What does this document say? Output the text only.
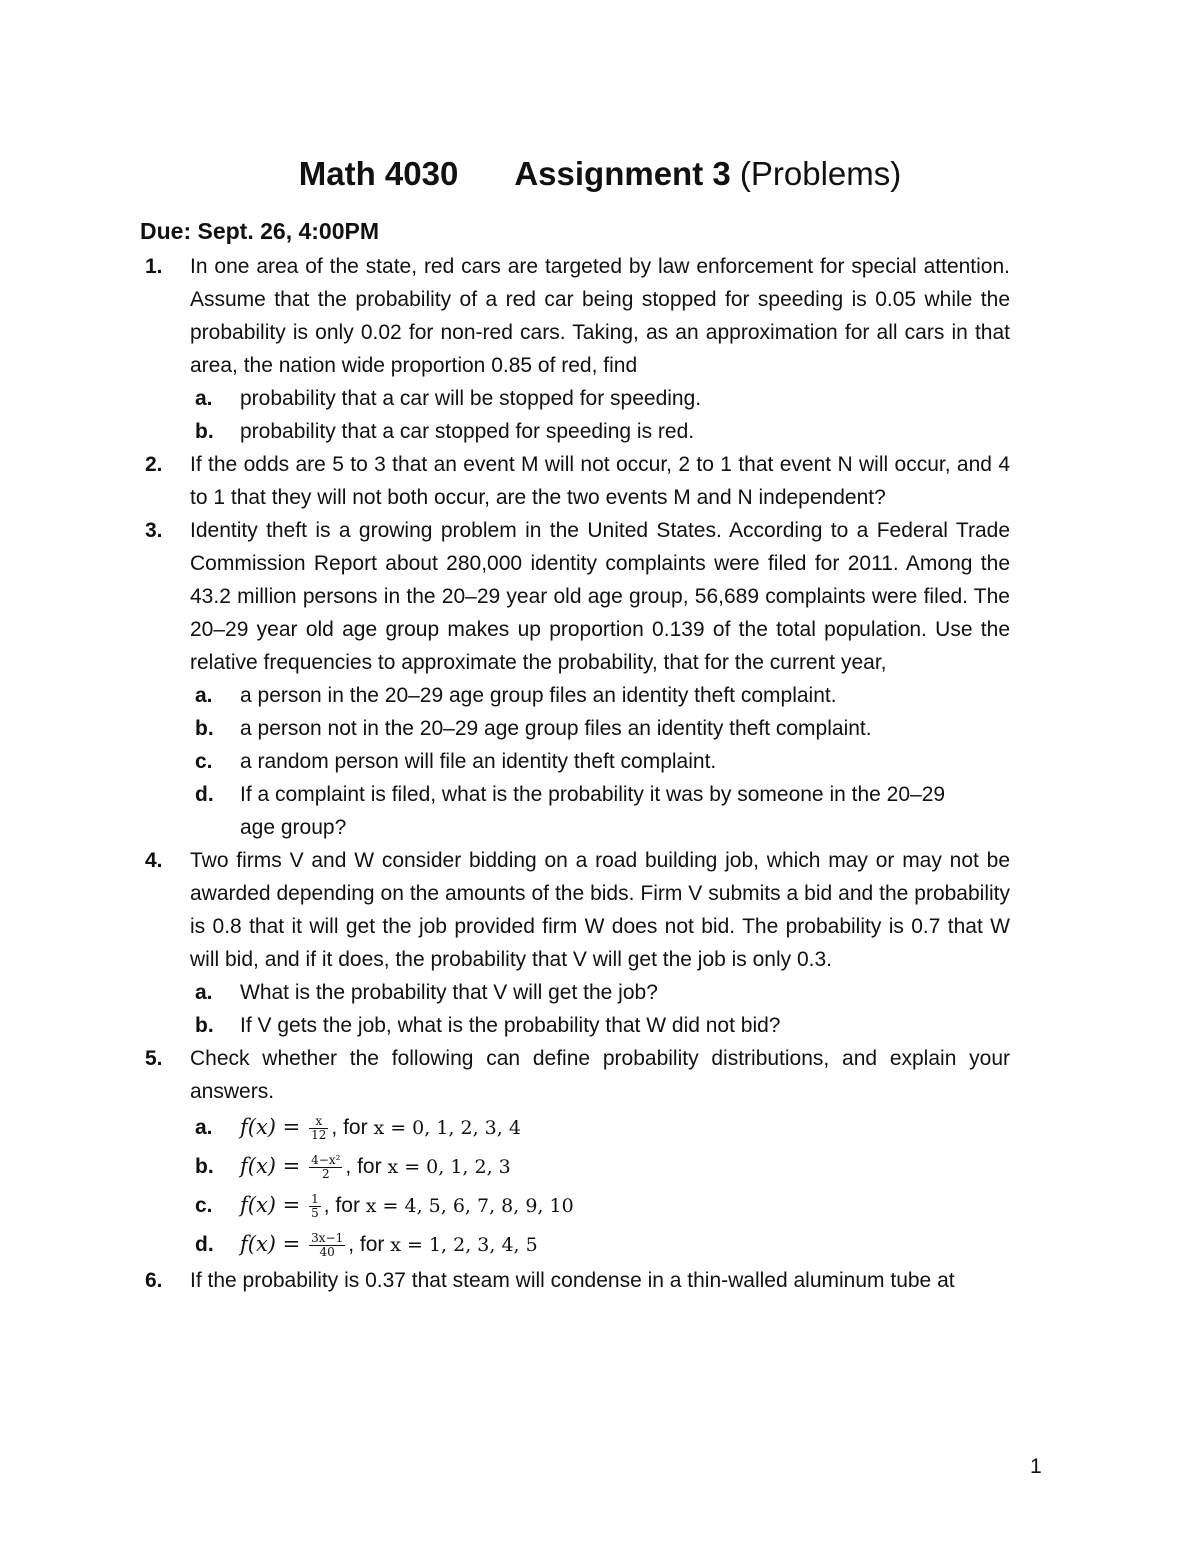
Math 4030 Assignment 3 (Problems)
Due: Sept. 26, 4:00PM
1. In one area of the state, red cars are targeted by law enforcement for special attention. Assume that the probability of a red car being stopped for speeding is 0.05 while the probability is only 0.02 for non-red cars. Taking, as an approximation for all cars in that area, the nation wide proportion 0.85 of red, find
a. probability that a car will be stopped for speeding.
b. probability that a car stopped for speeding is red.
2. If the odds are 5 to 3 that an event M will not occur, 2 to 1 that event N will occur, and 4 to 1 that they will not both occur, are the two events M and N independent?
3. Identity theft is a growing problem in the United States. According to a Federal Trade Commission Report about 280,000 identity complaints were filed for 2011. Among the 43.2 million persons in the 20–29 year old age group, 56,689 complaints were filed. The 20–29 year old age group makes up proportion 0.139 of the total population. Use the relative frequencies to approximate the probability, that for the current year,
a. a person in the 20–29 age group files an identity theft complaint.
b. a person not in the 20–29 age group files an identity theft complaint.
c. a random person will file an identity theft complaint.
d. If a complaint is filed, what is the probability it was by someone in the 20–29 age group?
4. Two firms V and W consider bidding on a road building job, which may or may not be awarded depending on the amounts of the bids. Firm V submits a bid and the probability is 0.8 that it will get the job provided firm W does not bid. The probability is 0.7 that W will bid, and if it does, the probability that V will get the job is only 0.3.
a. What is the probability that V will get the job?
b. If V gets the job, what is the probability that W did not bid?
5. Check whether the following can define probability distributions, and explain your answers.
a. $f(x) = \frac{x}{12}$ , for x = 0, 1, 2, 3, 4
b. $f(x) = \frac{\text{4−x²}}{2}$ , for x = 0, 1, 2, 3
c. $f(x) = \frac{1}{5}$ , for x = 4, 5, 6, 7, 8, 9, 10
d. $f(x) = \frac{3x-1}{40}$ , for x = 1, 2, 3, 4, 5
6. If the probability is 0.37 that steam will condense in a thin-walled aluminum tube at
1
